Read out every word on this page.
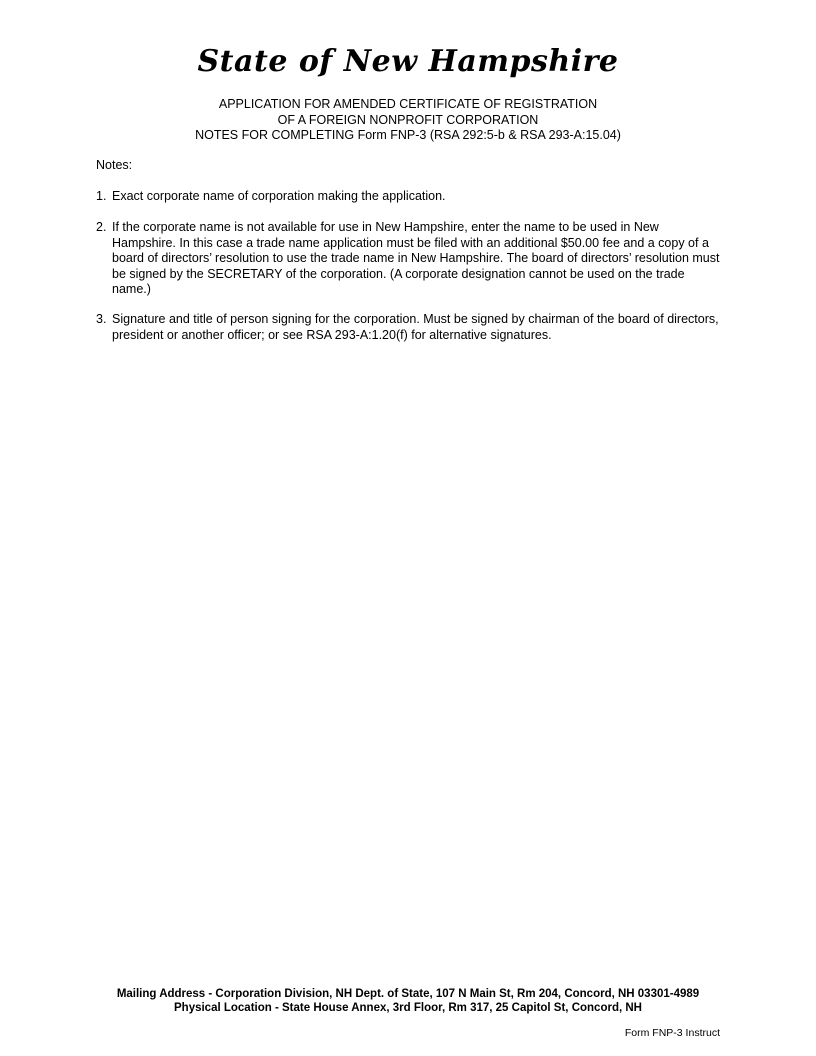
State of New Hampshire
APPLICATION FOR AMENDED CERTIFICATE OF REGISTRATION
OF A FOREIGN NONPROFIT CORPORATION
NOTES FOR COMPLETING Form FNP-3 (RSA 292:5-b & RSA 293-A:15.04)
Notes:
1. Exact corporate name of corporation making the application.
2. If the corporate name is not available for use in New Hampshire, enter the name to be used in New Hampshire. In this case a trade name application must be filed with an additional $50.00 fee and a copy of a board of directors’ resolution to use the trade name in New Hampshire. The board of directors’ resolution must be signed by the SECRETARY of the corporation. (A corporate designation cannot be used on the trade name.)
3. Signature and title of person signing for the corporation. Must be signed by chairman of the board of directors, president or another officer; or see RSA 293-A:1.20(f) for alternative signatures.
Mailing Address - Corporation Division, NH Dept. of State, 107 N Main St, Rm 204, Concord, NH 03301-4989
Physical Location - State House Annex, 3rd Floor, Rm 317, 25 Capitol St, Concord, NH
Form FNP-3 Instruct
